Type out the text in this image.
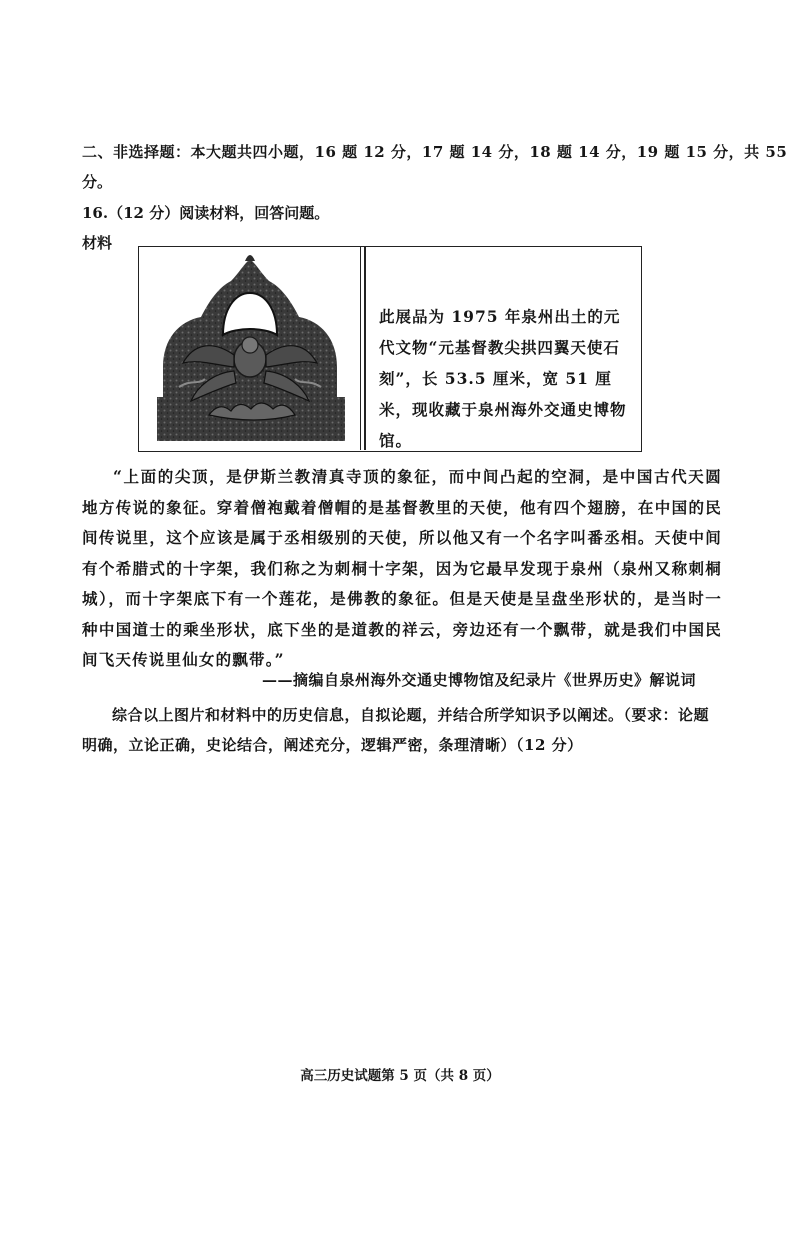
二、非选择题：本大题共四小题，16 题 12 分，17 题 14 分，18 题 14 分，19 题 15 分，共 55
分。
16.（12 分）阅读材料，回答问题。
材料
此展品为 1975 年泉州出土的元代文物“元基督教尖拱四翼天使石刻”，长 53.5 厘米，宽 51 厘米，现收藏于泉州海外交通史博物馆。
“上面的尖顶，是伊斯兰教清真寺顶的象征，而中间凸起的空洞，是中国古代天圆地方传说的象征。穿着僧袍戴着僧帽的是基督教里的天使，他有四个翅膀，在中国的民间传说里，这个应该是属于丞相级别的天使，所以他又有一个名字叫番丞相。天使中间有个希腊式的十字架，我们称之为刺桐十字架，因为它最早发现于泉州（泉州又称刺桐城），而十字架底下有一个莲花，是佛教的象征。但是天使是呈盘坐形状的，是当时一种中国道士的乘坐形状，底下坐的是道教的祥云，旁边还有一个飘带，就是我们中国民间飞天传说里仙女的飘带。”
——摘编自泉州海外交通史博物馆及纪录片《世界历史》解说词
综合以上图片和材料中的历史信息，自拟论题，并结合所学知识予以阐述。（要求：论题明确，立论正确，史论结合，阐述充分，逻辑严密，条理清晰）（12 分）
高三历史试题第 5 页（共 8 页）
